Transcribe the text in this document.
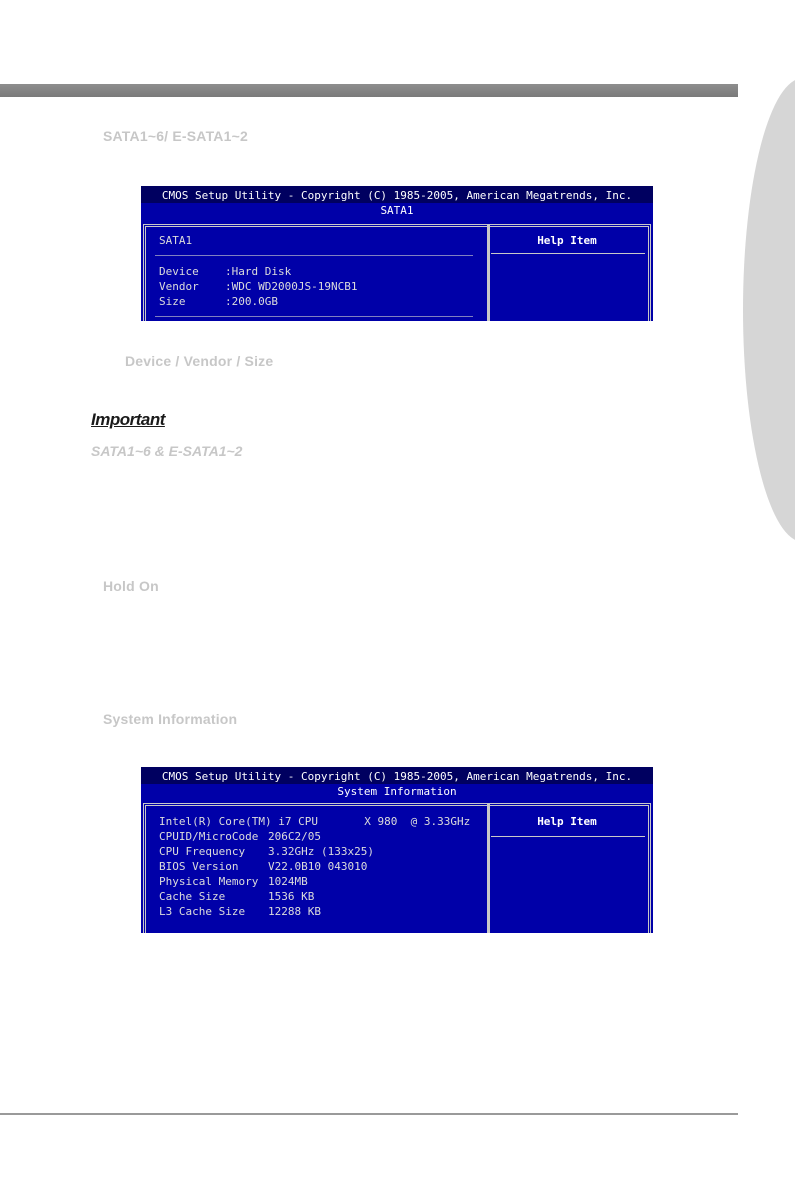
SATA1~6/ E-SATA1~2
CMOS Setup Utility - Copyright (C) 1985-2005, American Megatrends, Inc.
SATA1
Help Item
SATA1
Device :Hard Disk
Vendor :WDC WD2000JS-19NCB1
Size	:200.0GB
Device / Vendor / Size
Important
SATA1~6 & E-SATA1~2
Hold On
System Information
CMOS Setup Utility - Copyright (C) 1985-2005, American Megatrends, Inc.
System Information
Help Item
Intel(R) Core(TM) i7 CPU       X 980  @ 3.33GHz
CPUID/MicroCode 206C2/05
CPU Frequency 3.32GHz (133x25)
BIOS Version	V22.0B10 043010
Physical Memory 1024MB
Cache Size	1536 KB
L3 Cache Size 12288 KB
